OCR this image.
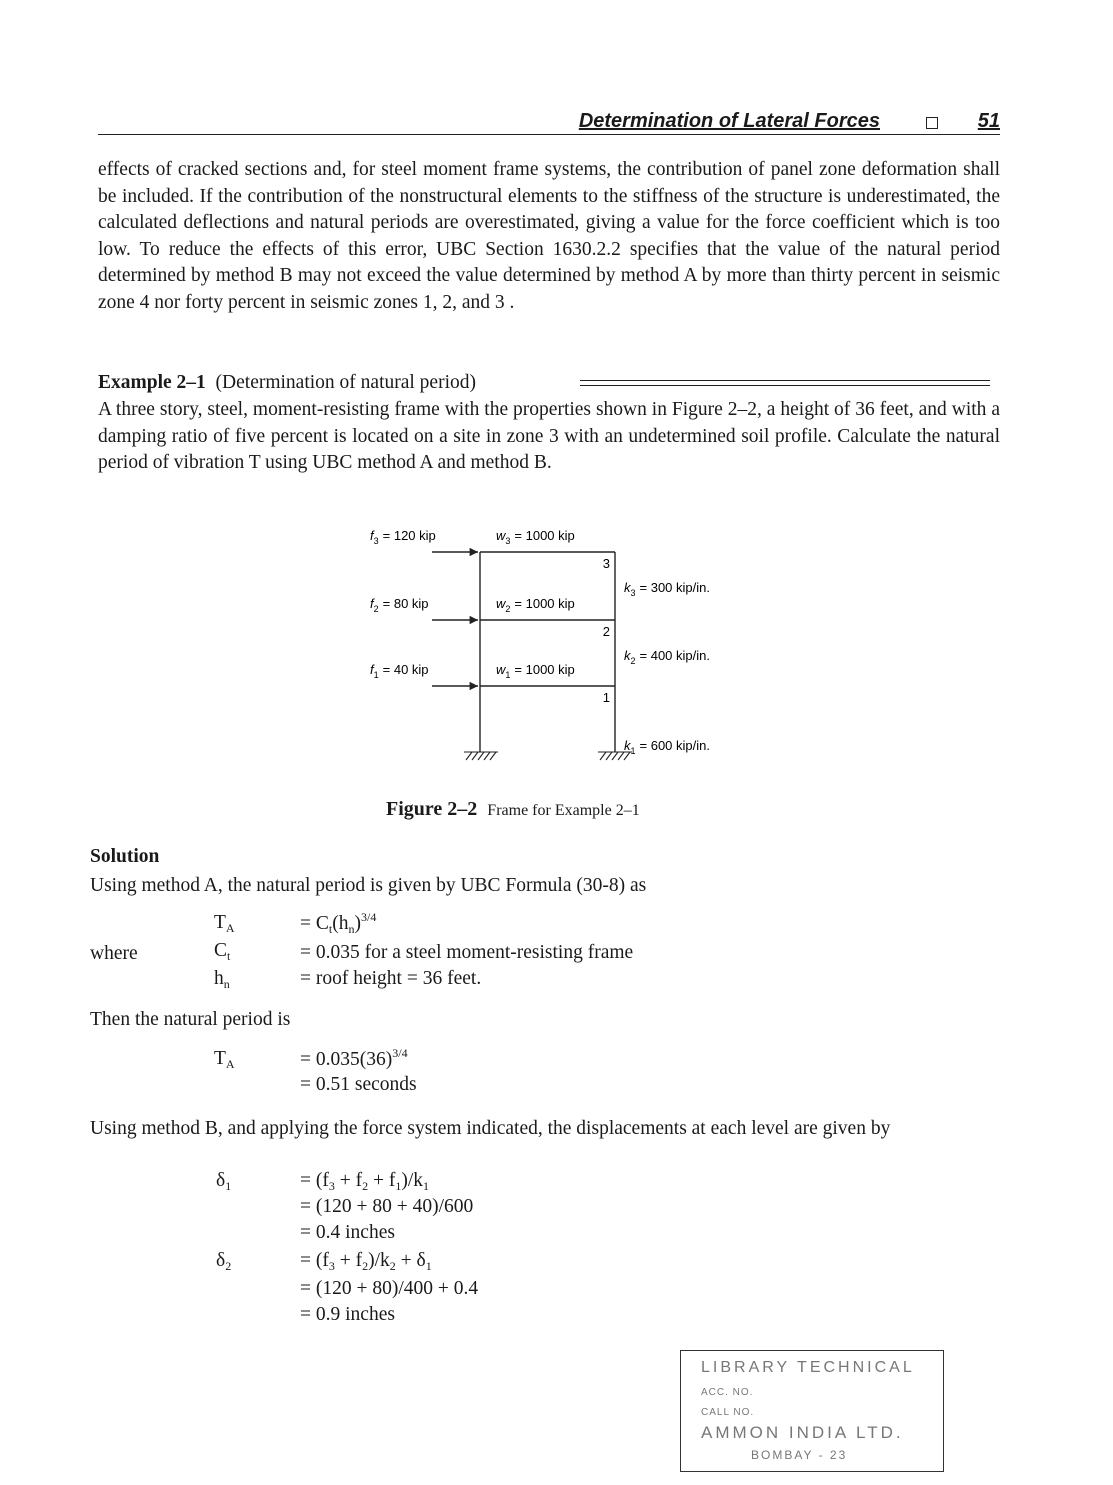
Determination of Lateral Forces	51

effects of cracked sections and, for steel moment frame systems, the contribution of panel zone deformation shall be included. If the contribution of the nonstructural elements to the stiffness of the structure is underestimated, the calculated deflections and natural periods are overestimated, giving a value for the force coefficient which is too low. To reduce the effects of this error, UBC Section 1630.2.2 specifies that the value of the natural period determined by method B may not exceed the value determined by method A by more than thirty percent in seismic zone 4 nor forty percent in seismic zones 1, 2, and 3 .

Example 2–1 (Determination of natural period)

A three story, steel, moment-resisting frame with the properties shown in Figure 2–2, a height of 36 feet, and with a damping ratio of five percent is located on a site in zone 3 with an undetermined soil profile. Calculate the natural period of vibration T using UBC method A and method B.

$f_3 = 120$ kip
$f_2 = 80$ kip
$f_1 = 40$ kip
$w_3 = 1000$ kip
$w_2 = 1000$ kip
$w_1 = 1000$ kip
3
2
1
$k_3 = 300$ kip/in.
$k_2 = 400$ kip/in.
$k_1 = 600$ kip/in.
Figure 2–2 Frame for Example 2–1
Solution
Using method A, the natural period is given by UBC Formula (30-8) as
$T_A$	= $C_t(h_n)^{3/4}$
where	$C_t$	= 0.035 for a steel moment-resisting frame
$h_n$	= roof height = 36 feet.
Then the natural period is
$T_A$	= $0.035(36)^{3/4}$
= 0.51 seconds

Using method B, and applying the force system indicated, the displacements at each level are given by

$\delta_1$	= $(f_3 + f_2 + f_1)/k_1$
= (120 + 80 + 40)/600
= 0.4 inches
$\delta_2$	= $(f_3 + f_2)/k_2 + \delta_1$
= (120 + 80)/400 + 0.4
= 0.9 inches
LIBRARY TECHNICAL
ACC. NO.
CALL NO.
AMMON INDIA LTD.
BOMBAY - 23
